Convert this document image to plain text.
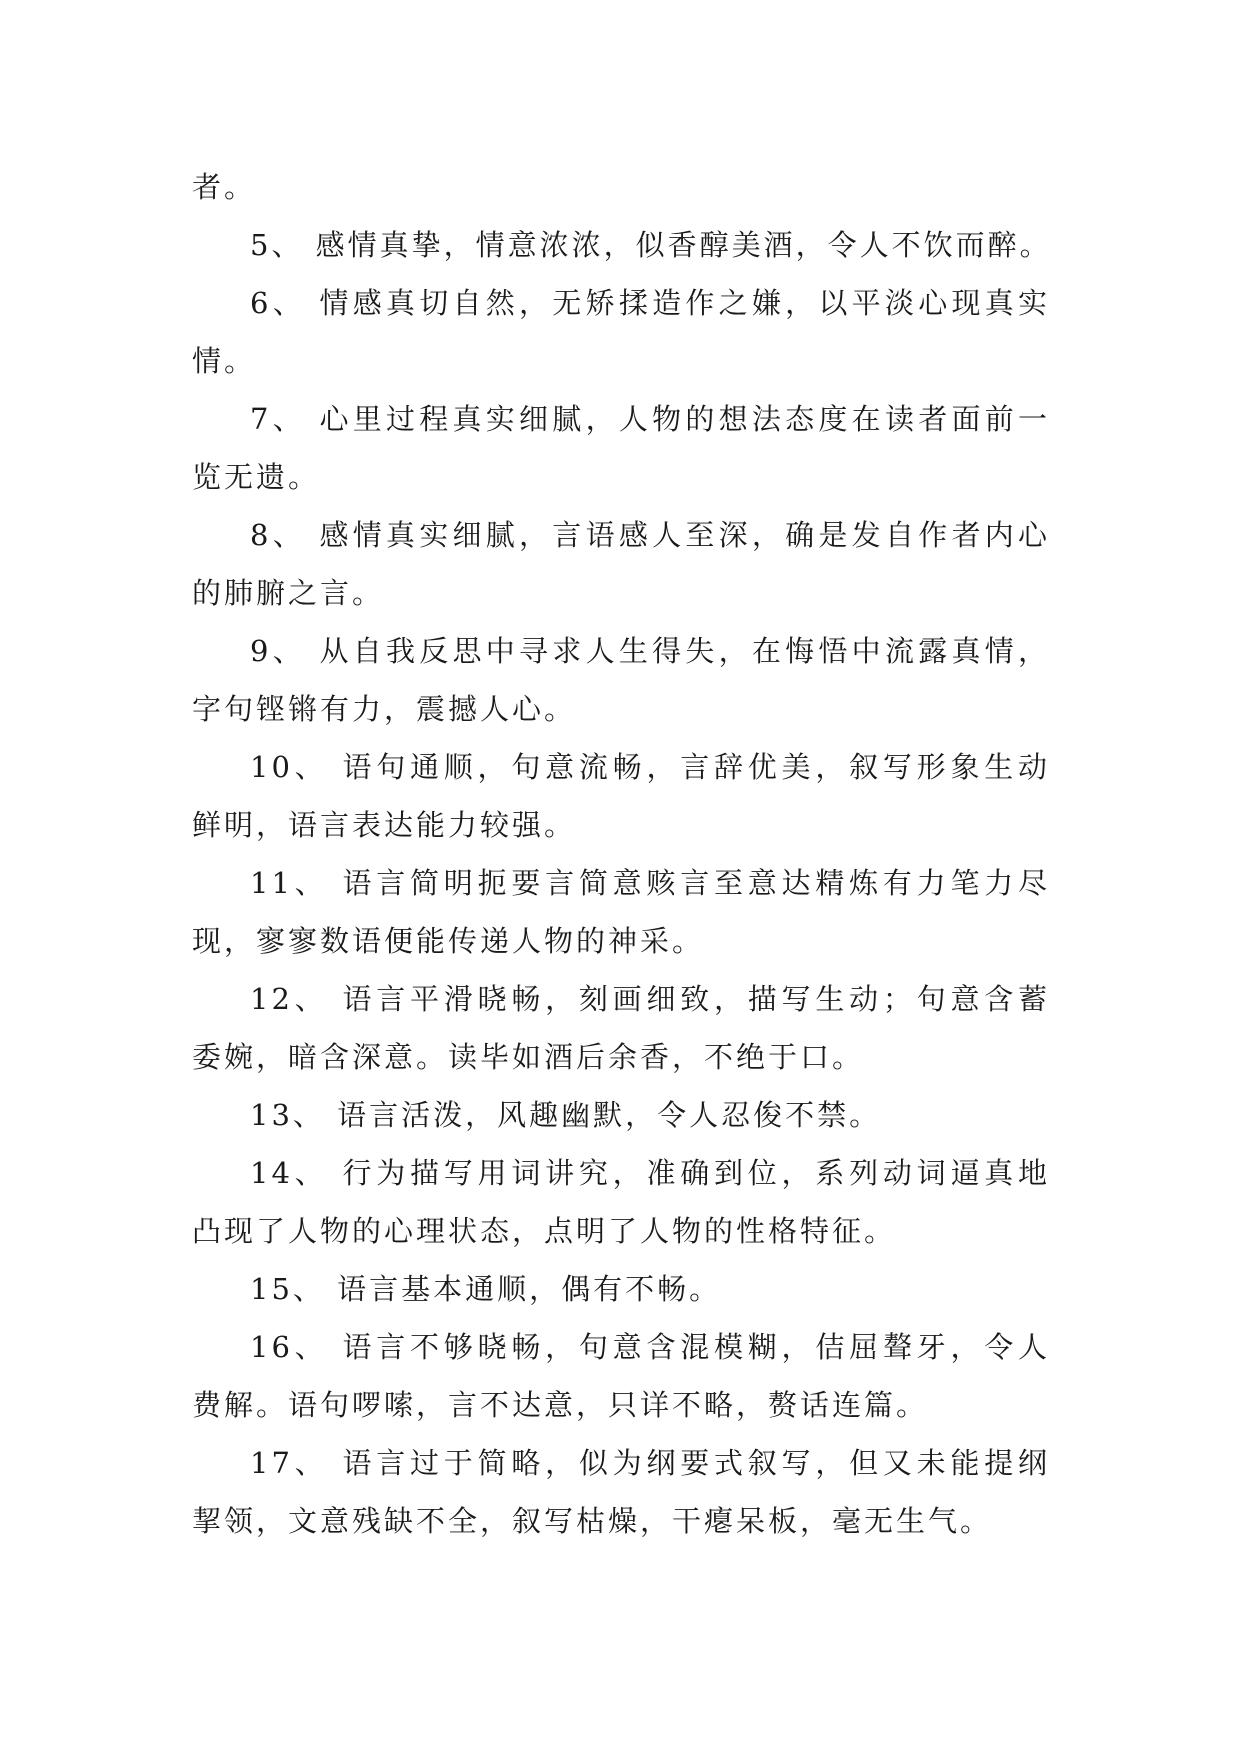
者。
5、 感情真挚，情意浓浓，似香醇美酒，令人不饮而醉。
6、 情感真切自然，无矫揉造作之嫌，以平淡心现真实
情。
7、 心里过程真实细腻，人物的想法态度在读者面前一
览无遗。
8、 感情真实细腻，言语感人至深，确是发自作者内心
的肺腑之言。
9、 从自我反思中寻求人生得失，在悔悟中流露真情，
字句铿锵有力，震撼人心。
10、 语句通顺，句意流畅，言辞优美，叙写形象生动
鲜明，语言表达能力较强。
11、 语言简明扼要言简意赅言至意达精炼有力笔力尽
现，寥寥数语便能传递人物的神采。
12、 语言平滑晓畅，刻画细致，描写生动；句意含蓄
委婉，暗含深意。读毕如酒后余香，不绝于口。
13、 语言活泼，风趣幽默，令人忍俊不禁。
14、 行为描写用词讲究，准确到位，系列动词逼真地
凸现了人物的心理状态，点明了人物的性格特征。
15、 语言基本通顺，偶有不畅。
16、 语言不够晓畅，句意含混模糊，佶屈聱牙，令人
费解。语句啰嗦，言不达意，只详不略，赘话连篇。
17、 语言过于简略，似为纲要式叙写，但又未能提纲
挈领，文意残缺不全，叙写枯燥，干瘪呆板，毫无生气。
